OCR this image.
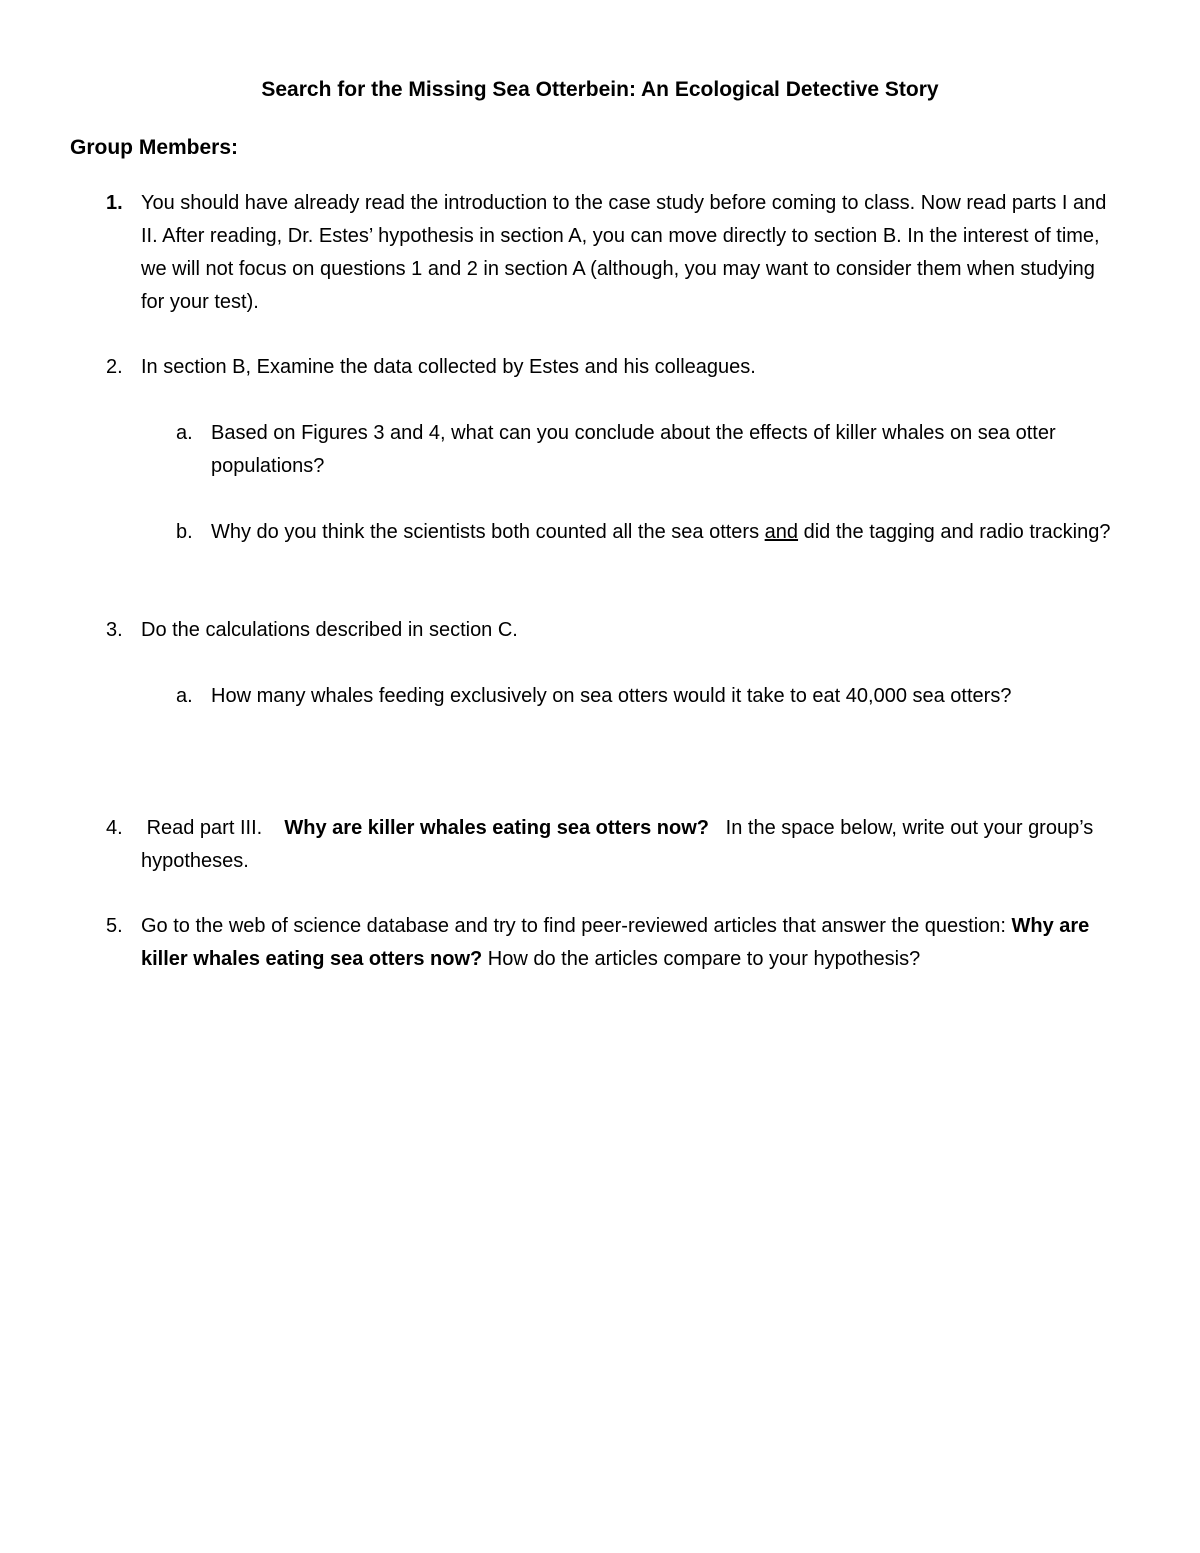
Search for the Missing Sea Otterbein: An Ecological Detective Story
Group Members:
1. You should have already read the introduction to the case study before coming to class. Now read parts I and II. After reading, Dr. Estes’ hypothesis in section A, you can move directly to section B. In the interest of time, we will not focus on questions 1 and 2 in section A (although, you may want to consider them when studying for your test).
2. In section B, Examine the data collected by Estes and his colleagues.
a. Based on Figures 3 and 4, what can you conclude about the effects of killer whales on sea otter populations?
b. Why do you think the scientists both counted all the sea otters and did the tagging and radio tracking?
3. Do the calculations described in section C.
a. How many whales feeding exclusively on sea otters would it take to eat 40,000 sea otters?
4. Read part III.    Why are killer whales eating sea otters now?   In the space below, write out your group’s hypotheses.
5. Go to the web of science database and try to find peer-reviewed articles that answer the question: Why are killer whales eating sea otters now? How do the articles compare to your hypothesis?
